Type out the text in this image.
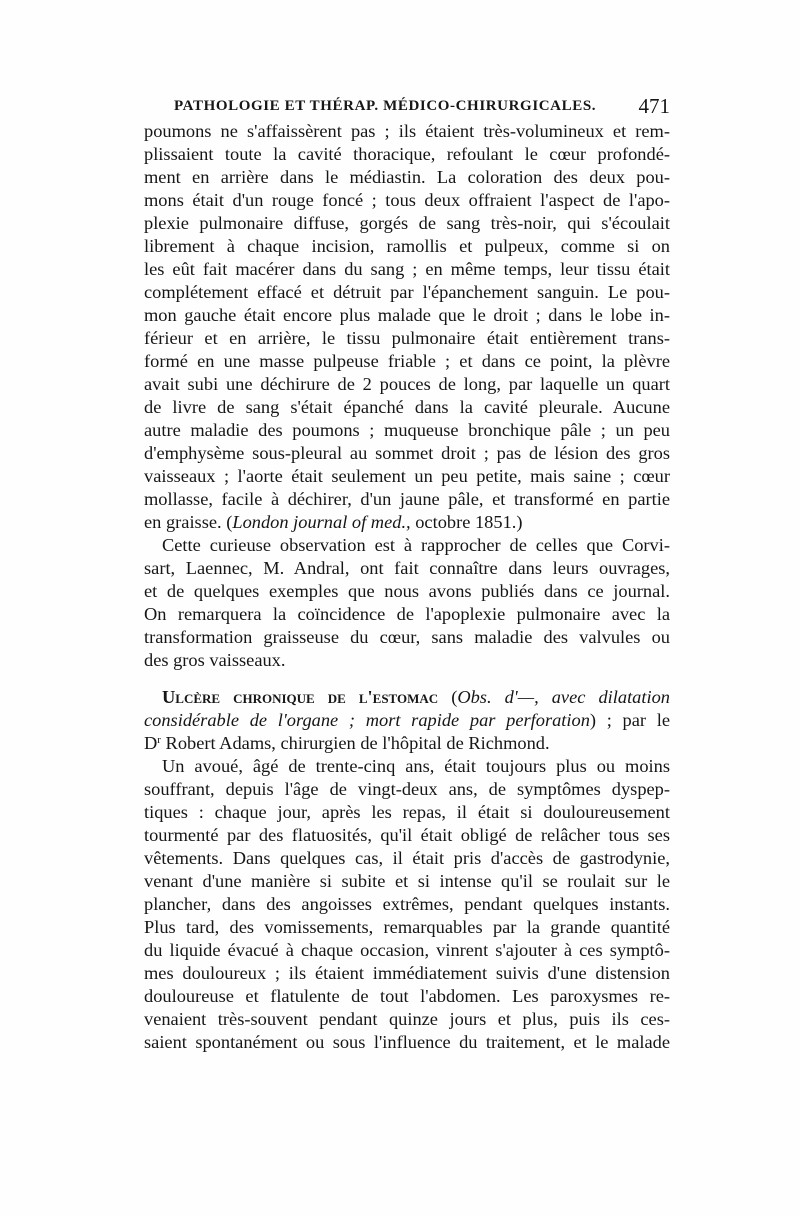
PATHOLOGIE ET THÉRAP. MÉDICO-CHIRURGICALES. 471
poumons ne s'affaissèrent pas ; ils étaient très-volumineux et rem-
plissaient toute la cavité thoracique, refoulant le cœur profondé-
ment en arrière dans le médiastin. La coloration des deux pou-
mons était d'un rouge foncé ; tous deux offraient l'aspect de l'apo-
plexie pulmonaire diffuse, gorgés de sang très-noir, qui s'écoulait
librement à chaque incision, ramollis et pulpeux, comme si on
les eût fait macérer dans du sang ; en même temps, leur tissu était
complétement effacé et détruit par l'épanchement sanguin. Le pou-
mon gauche était encore plus malade que le droit ; dans le lobe in-
férieur et en arrière, le tissu pulmonaire était entièrement trans-
formé en une masse pulpeuse friable ; et dans ce point, la plèvre
avait subi une déchirure de 2 pouces de long, par laquelle un quart
de livre de sang s'était épanché dans la cavité pleurale. Aucune
autre maladie des poumons ; muqueuse bronchique pâle ; un peu
d'emphysème sous-pleural au sommet droit ; pas de lésion des gros
vaisseaux ; l'aorte était seulement un peu petite, mais saine ; cœur
mollasse, facile à déchirer, d'un jaune pâle, et transformé en partie
en graisse. (London journal of med., octobre 1851.)
Cette curieuse observation est à rapprocher de celles que Corvi-
sart, Laennec, M. Andral, ont fait connaître dans leurs ouvrages,
et de quelques exemples que nous avons publiés dans ce journal.
On remarquera la coïncidence de l'apoplexie pulmonaire avec la
transformation graisseuse du cœur, sans maladie des valvules ou
des gros vaisseaux.
Ulcère chronique de l'estomac (Obs. d'—, avec dilatation
considérable de l'organe ; mort rapide par perforation) ; par le
$D^r$ Robert Adams, chirurgien de l'hôpital de Richmond.
Un avoué, âgé de trente-cinq ans, était toujours plus ou moins
souffrant, depuis l'âge de vingt-deux ans, de symptômes dyspep-
tiques : chaque jour, après les repas, il était si douloureusement
tourmenté par des flatuosités, qu'il était obligé de relâcher tous ses
vêtements. Dans quelques cas, il était pris d'accès de gastrodynie,
venant d'une manière si subite et si intense qu'il se roulait sur le
plancher, dans des angoisses extrêmes, pendant quelques instants.
Plus tard, des vomissements, remarquables par la grande quantité
du liquide évacué à chaque occasion, vinrent s'ajouter à ces symptô-
mes douloureux ; ils étaient immédiatement suivis d'une distension
douloureuse et flatulente de tout l'abdomen. Les paroxysmes re-
venaient très-souvent pendant quinze jours et plus, puis ils ces-
saient spontanément ou sous l'influence du traitement, et le malade
